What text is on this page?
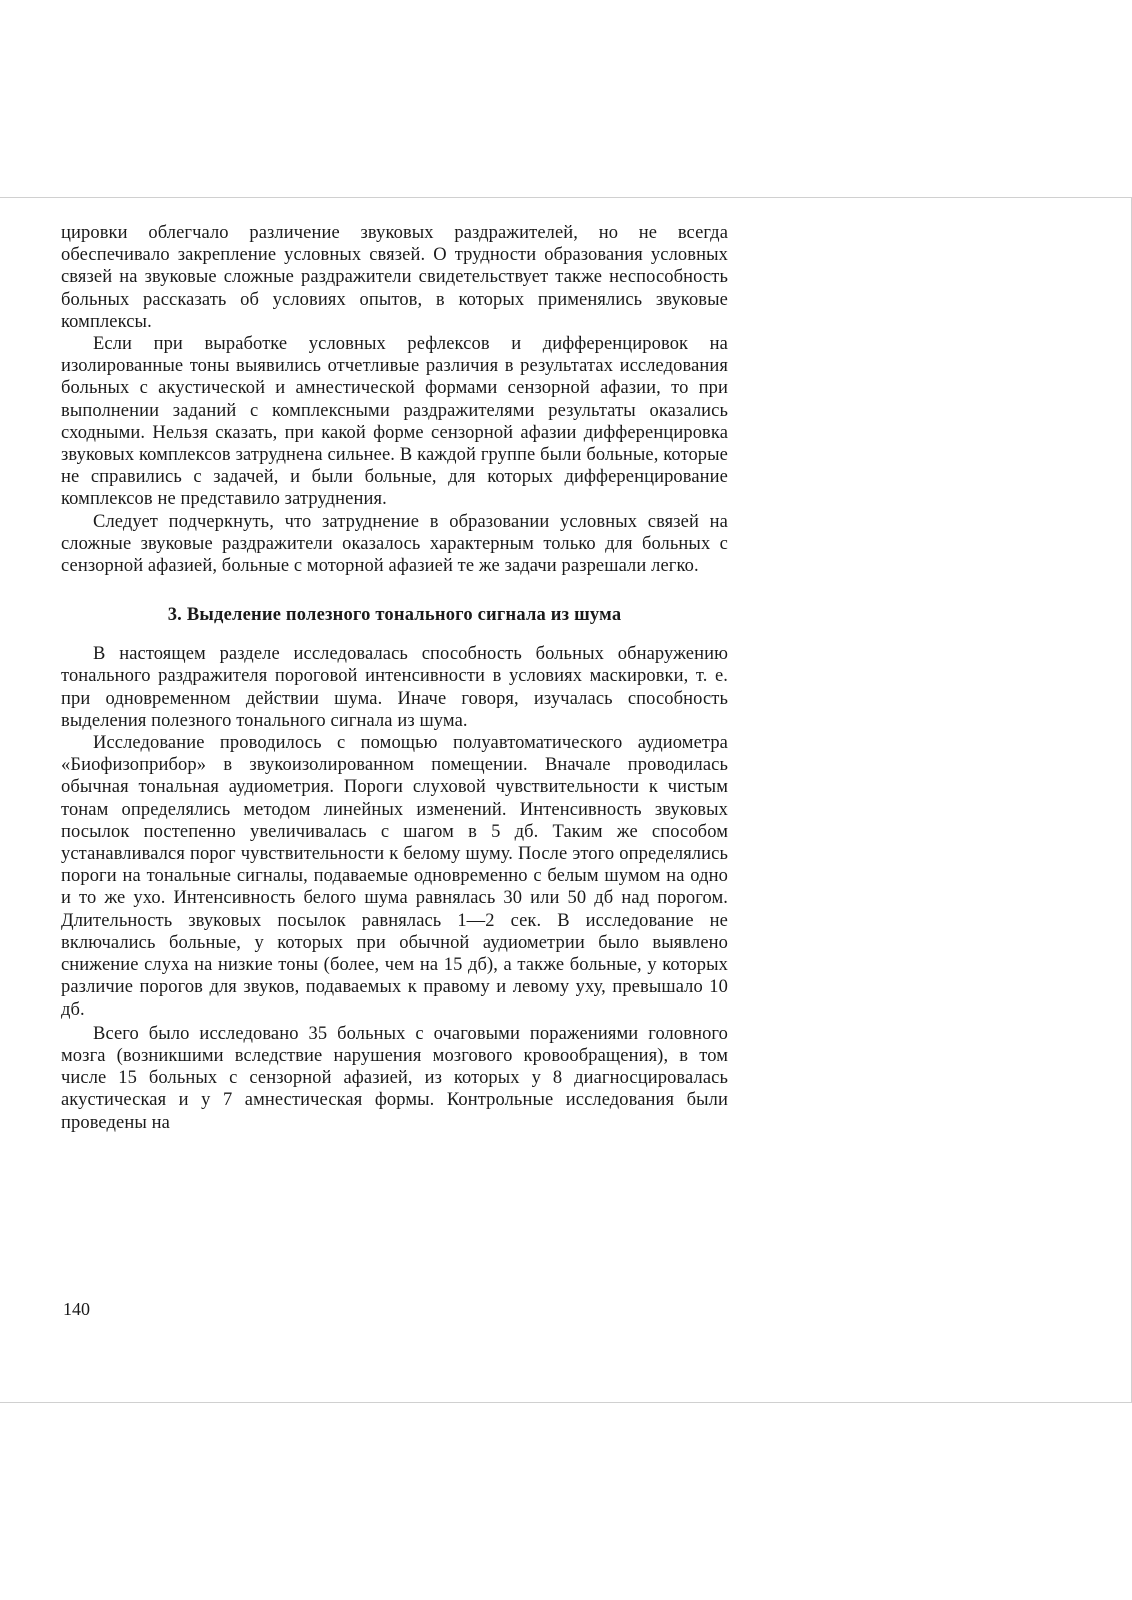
цировки облегчало различение звуковых раздражителей, но не всегда обеспечивало закрепление условных связей. О трудности образования условных связей на звуковые сложные раздражители свидетельствует также неспособность больных рассказать об условиях опытов, в которых применялись звуковые комплексы.

Если при выработке условных рефлексов и дифференцировок на изолированные тоны выявились отчетливые различия в результатах исследования больных с акустической и амнестической формами сензорной афазии, то при выполнении заданий с комплексными раздражителями результаты оказались сходными. Нельзя сказать, при какой форме сензорной афазии дифференцировка звуковых комплексов затруднена сильнее. В каждой группе были больные, которые не справились с задачей, и были больные, для которых дифференцирование комплексов не представило затруднения.

Следует подчеркнуть, что затруднение в образовании условных связей на сложные звуковые раздражители оказалось характерным только для больных с сензорной афазией, больные с моторной афазией те же задачи разрешали легко.

3. Выделение полезного тонального сигнала из шума

В настоящем разделе исследовалась способность больных обнаружению тонального раздражителя пороговой интенсивности в условиях маскировки, т. е. при одновременном действии шума. Иначе говоря, изучалась способность выделения полезного тонального сигнала из шума.

Исследование проводилось с помощью полуавтоматического аудиометра «Биофизоприбор» в звукоизолированном помещении. Вначале проводилась обычная тональная аудиометрия. Пороги слуховой чувствительности к чистым тонам определялись методом линейных изменений. Интенсивность звуковых посылок постепенно увеличивалась с шагом в 5 дб. Таким же способом устанавливался порог чувствительности к белому шуму. После этого определялись пороги на тональные сигналы, подаваемые одновременно с белым шумом на одно и то же ухо. Интенсивность белого шума равнялась 30 или 50 дб над порогом. Длительность звуковых посылок равнялась 1—2 сек. В исследование не включались больные, у которых при обычной аудиометрии было выявлено снижение слуха на низкие тоны (более, чем на 15 дб), а также больные, у которых различие порогов для звуков, подаваемых к правому и левому уху, превышало 10 дб.

Всего было исследовано 35 больных с очаговыми поражениями головного мозга (возникшими вследствие нарушения мозгового кровообращения), в том числе 15 больных с сензорной афазией, из которых у 8 диагносцировалась акустическая и у 7 амнестическая формы. Контрольные исследования были проведены на

140
